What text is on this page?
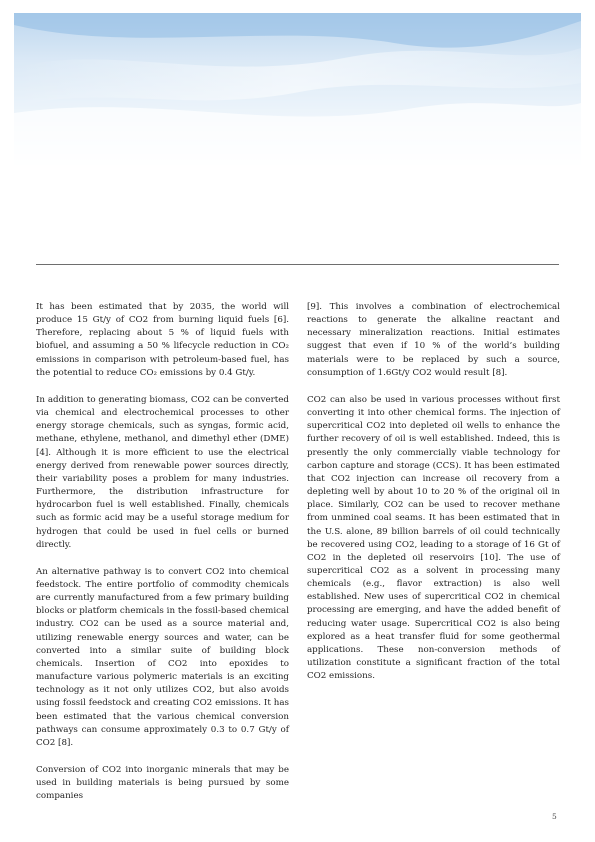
It has been estimated that by 2035, the world will produce 15 Gt/y of CO2 from burning liquid fuels [6]. Therefore, replacing about 5 % of liquid fuels with biofuel, and assuming a 50 % lifecycle reduction in CO₂ emissions in comparison with petroleum-based fuel, has the potential to reduce CO₂ emissions by 0.4 Gt/y.

In addition to generating biomass, CO2 can be converted via chemical and electrochemical processes to other energy storage chemicals, such as syngas, formic acid, methane, ethylene, methanol, and dimethyl ether (DME) [4]. Although it is more efficient to use the electrical energy derived from renewable power sources directly, their variability poses a problem for many industries. Furthermore, the distribution infrastructure for hydrocarbon fuel is well established. Finally, chemicals such as formic acid may be a useful storage medium for hydrogen that could be used in fuel cells or burned directly.

An alternative pathway is to convert CO2 into chemical feedstock. The entire portfolio of commodity chemicals are currently manufactured from a few primary building blocks or platform chemicals in the fossil-based chemical industry. CO2 can be used as a source material and, utilizing renewable energy sources and water, can be converted into a similar suite of building block chemicals. Insertion of CO2 into epoxides to manufacture various polymeric materials is an exciting technology as it not only utilizes CO2, but also avoids using fossil feedstock and creating CO2 emissions. It has been estimated that the various chemical conversion pathways can consume approximately 0.3 to 0.7 Gt/y of CO2 [8].

Conversion of CO2 into inorganic minerals that may be used in building materials is being pursued by some companies

[9]. This involves a combination of electrochemical reactions to generate the alkaline reactant and necessary mineralization reactions. Initial estimates suggest that even if 10 % of the world’s building materials were to be replaced by such a source, consumption of 1.6Gt/y CO2 would result [8].

CO2 can also be used in various processes without first converting it into other chemical forms. The injection of supercritical CO2 into depleted oil wells to enhance the further recovery of oil is well established. Indeed, this is presently the only commercially viable technology for carbon capture and storage (CCS). It has been estimated that CO2 injection can increase oil recovery from a depleting well by about 10 to 20 % of the original oil in place. Similarly, CO2 can be used to recover methane from unmined coal seams. It has been estimated that in the U.S. alone, 89 billion barrels of oil could technically be recovered using CO2, leading to a storage of 16 Gt of CO2 in the depleted oil reservoirs [10]. The use of supercritical CO2 as a solvent in processing many chemicals (e.g., flavor extraction) is also well established. New uses of supercritical CO2 in chemical processing are emerging, and have the added benefit of reducing water usage. Supercritical CO2 is also being explored as a heat transfer fluid for some geothermal applications. These non-conversion methods of utilization constitute a significant fraction of the total CO2 emissions.

5
